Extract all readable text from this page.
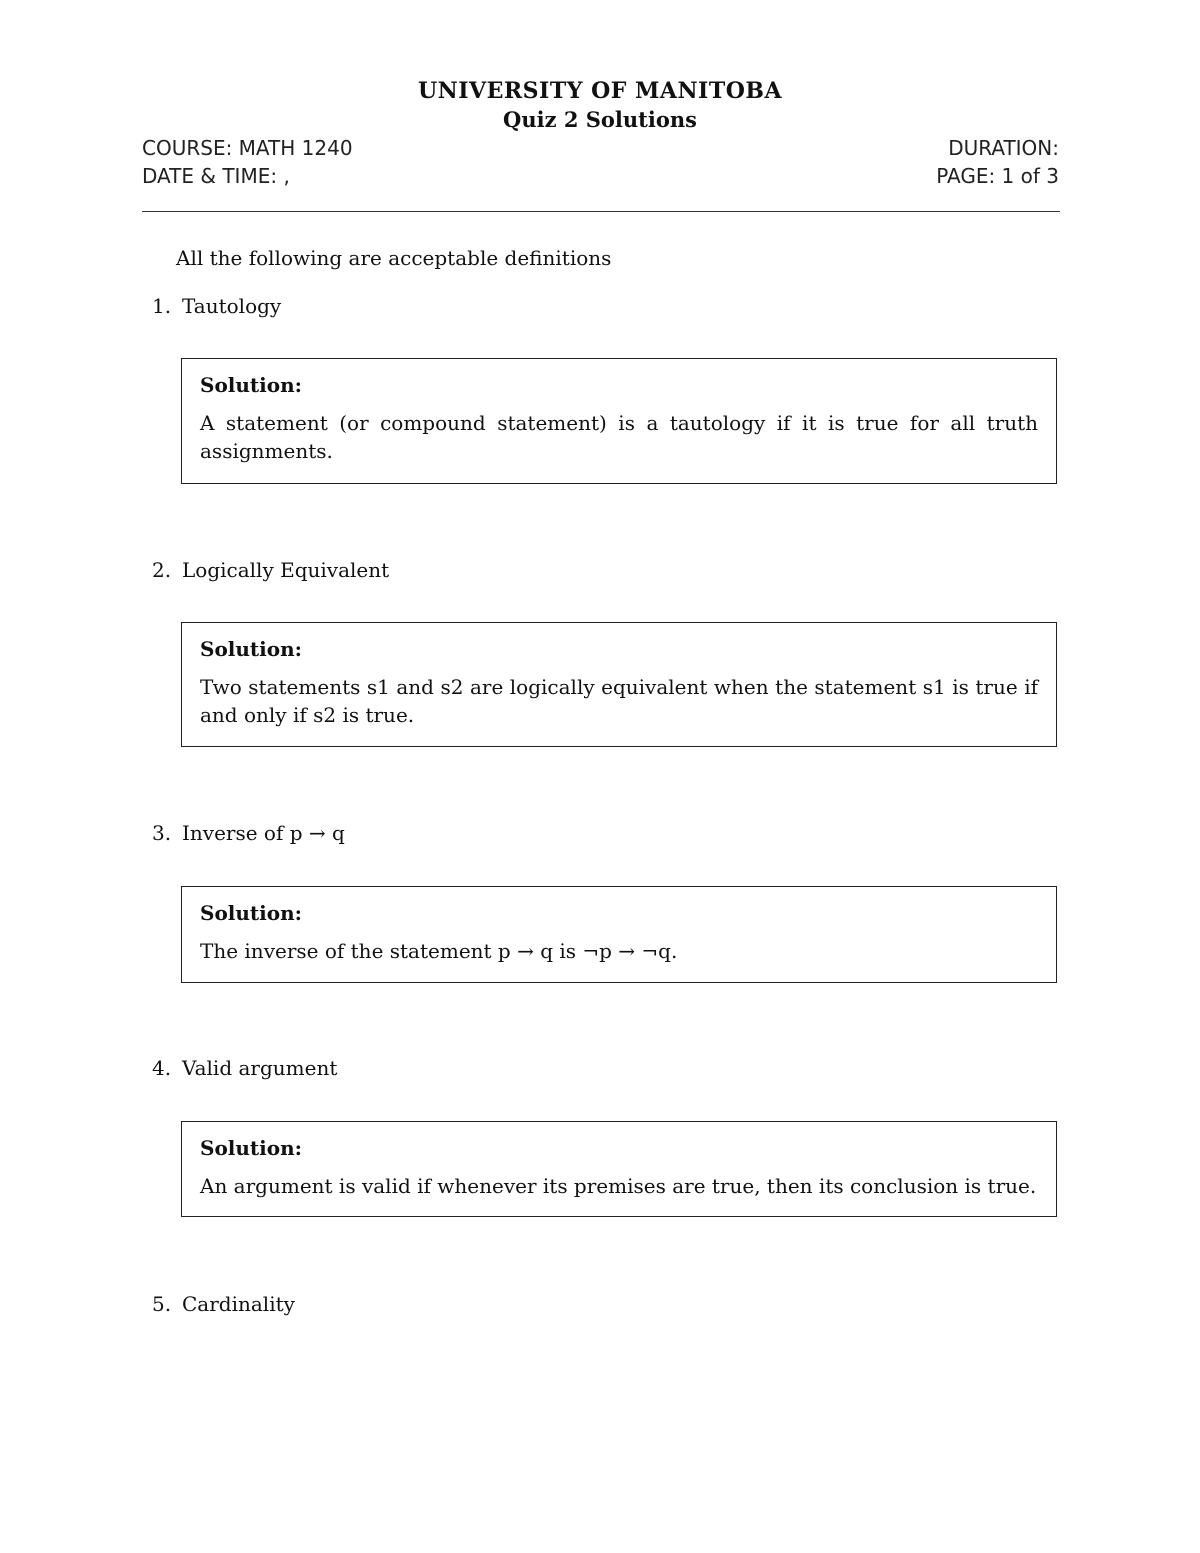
UNIVERSITY OF MANITOBA
Quiz 2 Solutions
COURSE: MATH 1240	DURATION:
DATE & TIME: ,	PAGE: 1 of 3
All the following are acceptable definitions
1. Tautology
Solution:
A statement (or compound statement) is a tautology if it is true for all truth assignments.
2. Logically Equivalent
Solution:
Two statements s1 and s2 are logically equivalent when the statement s1 is true if and only if s2 is true.
3. Inverse of p → q
Solution:
The inverse of the statement p → q is ¬p → ¬q.
4. Valid argument
Solution:
An argument is valid if whenever its premises are true, then its conclusion is true.
5. Cardinality
